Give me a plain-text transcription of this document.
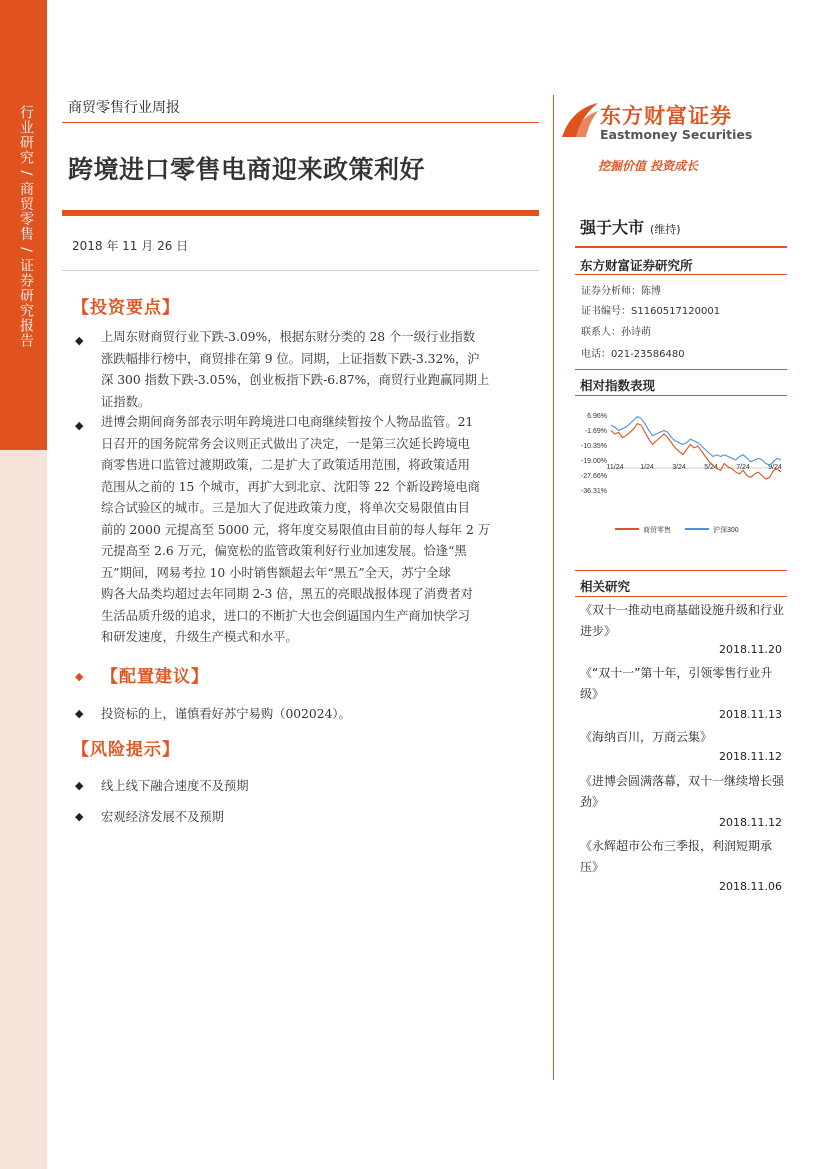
行业研究 / 商贸零售 / 证券研究报告 商贸零售行业周报
跨境进口零售电商迎来政策利好
2018 年 11 月 26 日
【投资要点】
◆ 上周东财商贸行业下跌-3.09%，根据东财分类的 28 个一级行业指数
涨跌幅排行榜中，商贸排在第 9 位。同期，上证指数下跌-3.32%，沪
深 300 指数下跌-3.05%，创业板指下跌-6.87%，商贸行业跑赢同期上
证指数。
◆ 进博会期间商务部表示明年跨境进口电商继续暂按个人物品监管。21
日召开的国务院常务会议则正式做出了决定，一是第三次延长跨境电
商零售进口监管过渡期政策，二是扩大了政策适用范围，将政策适用
范围从之前的 15 个城市，再扩大到北京、沈阳等 22 个新设跨境电商
综合试验区的城市。三是加大了促进政策力度，将单次交易限值由目
前的 2000 元提高至 5000 元，将年度交易限值由目前的每人每年 2 万
元提高至 2.6 万元，偏宽松的监管政策利好行业加速发展。恰逢“黑
五”期间，网易考拉 10 小时销售额超去年“黑五”全天，苏宁全球
购各大品类均超过去年同期 2-3 倍，黑五的亮眼战报体现了消费者对
生活品质升级的追求，进口的不断扩大也会倒逼国内生产商加快学习
和研发速度，升级生产模式和水平。
◆ 【配置建议】
◆ 投资标的上，谨慎看好苏宁易购（002024）。
【风险提示】
◆ 线上线下融合速度不及预期
◆ 宏观经济发展不及预期
东方财富证券
Eastmoney Securities
挖掘价值 投资成长
强于大市 (维持)
东方财富证券研究所
证券分析师：陈博
证书编号：S1160517120001
联系人：孙诗萌
电话：021-23586480
相对指数表现
6.96%
-1.69%
-10.35%
-19.00%
-27.66%
-36.31%
11/24 1/24	3/24	5/24	7/24	9/24
商贸零售	沪深300
相关研究
《双十一推动电商基础设施升级和行业进步》
2018.11.20
《“双十一”第十年，引领零售行业升级》
2018.11.13
《海纳百川，万商云集》
2018.11.12
《进博会圆满落幕，双十一继续增长强劲》
2018.11.12
《永辉超市公布三季报，利润短期承压》
2018.11.06
